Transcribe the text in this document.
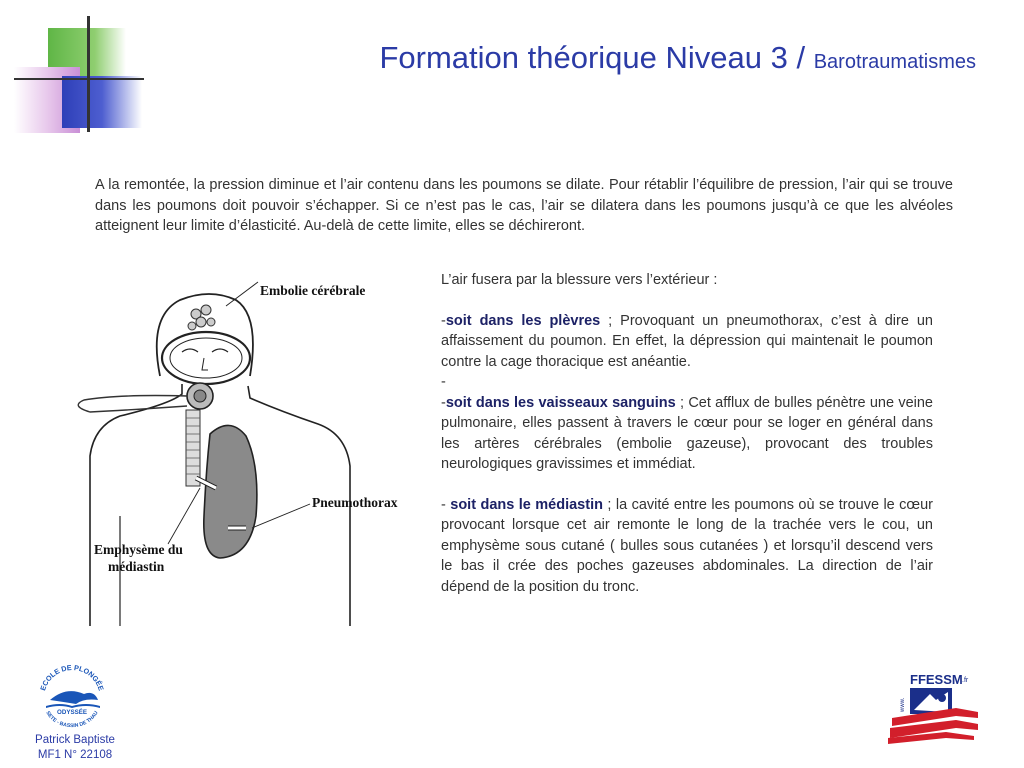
Formation théorique Niveau 3 / Barotraumatismes

A la remontée, la pression diminue et l’air contenu dans les poumons se dilate. Pour rétablir l’équilibre de pression, l’air qui se trouve dans les poumons doit pouvoir s’échapper. Si ce n’est pas le cas, l’air se dilatera dans les poumons jusqu’à ce que les alvéoles atteignent leur limite d’élasticité. Au-delà de cette limite, elles se déchireront.

Embolie cérébrale
Pneumothorax
Emphysème du
médiastin

L’air fusera par la blessure vers l’extérieur :

-soit dans les plèvres ; Provoquant un pneumothorax, c’est à dire un affaissement du poumon. En effet, la dépression qui maintenait le poumon contre la cage thoracique est anéantie.

-

-soit dans les vaisseaux sanguins ; Cet afflux de bulles pénètre une veine pulmonaire, elles passent à travers le cœur pour se loger en général dans les artères cérébrales (embolie gazeuse), provocant des troubles neurologiques gravissimes et immédiat.

- soit dans le médiastin ; la cavité entre les poumons où se trouve le cœur provocant lorsque cet air remonte le long de la trachée vers le cou, un emphysème sous cutané ( bulles sous cutanées ) et lorsqu’il descend vers le bas il crée des poches gazeuses abdominales. La direction de l’air dépend de la position du tronc.

ECOLE DE PLONGÉE
ODYSSÉE
SETE - BASSIN DE THAU
Patrick Baptiste
MF1 N° 22108
FFESSM .fr
www.
